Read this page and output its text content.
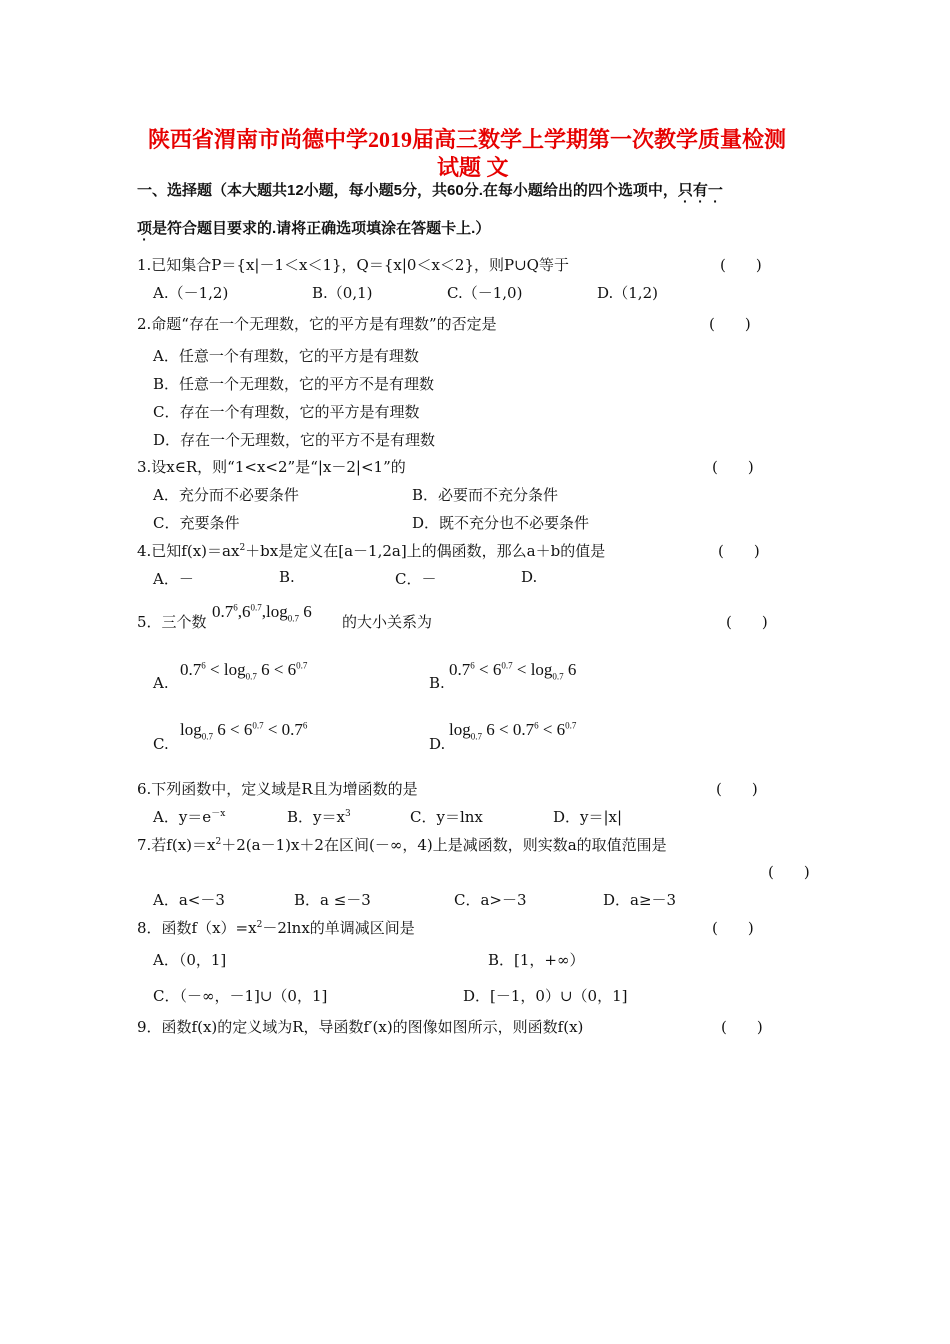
陕西省渭南市尚德中学2019届高三数学上学期第一次教学质量检测
试题 文
一、选择题（本大题共12小题，每小题5分，共60分.在每小题给出的四个选项中，只有一
项是符合题目要求的.请将正确选项填涂在答题卡上.）
1.已知集合P＝{x|－1＜x＜1}，Q＝{x|0＜x＜2}，则P∪Q等于	(　　)
A.（－1,2)	B.（0,1)	C.（－1,0)	D.（1,2)
2.命题“存在一个无理数，它的平方是有理数”的否定是	(　　)
A．任意一个有理数，它的平方是有理数
B．任意一个无理数，它的平方不是有理数
C．存在一个有理数，它的平方是有理数
D．存在一个无理数，它的平方不是有理数
3.设x∈R，则“1<x<2”是“|x－2|<1”的	(　　)
A．充分而不必要条件	B．必要而不充分条件
C．充要条件	D．既不充分也不必要条件
4.已知$f(x)=ax^2+bx$是定义在[a－1,2a]上的偶函数，那么a＋b的值是	(　　)
A．－	B.	C．－	D.
5．三个数
$0.7^6,6^{0.7},\log_{0.7}$ 6
的大小关系为	(　　)
A.
$0.7^6 < \log_{0.7} 6 < 6^{0.7}$
B.
$0.7^6 < 6^{0.7} < \log_{0.7} 6$
C.
$\log_{0.7} 6 < 6^{0.7} < 0.7^6$
D.
$\log_{0.7} 6 < 0.7^6 < 6^{0.7}$
6.下列函数中，定义域是R且为增函数的是	(　　)
A．$y=e^{-x}$	B．$y=x^3$	C．y＝lnx	D．y＝|x|
7.若$f(x)=x^2+2(a-1)x+2$在区间(－∞，4)上是减函数，则实数a的取值范围是
(　　)
A．a<－3	B．a ≤－3	C．a>－3	D．a≥－3
8．函数$f(x)=x^2-2\ln x$的单调减区间是	(　　)
A．（0，1]	B．[1，+∞）
C．（－∞，－1]∪（0，1]	D．[－1，0）∪（0，1]
9．函数f(x)的定义域为R，导函数f′(x)的图像如图所示，则函数f(x)	(　　)
